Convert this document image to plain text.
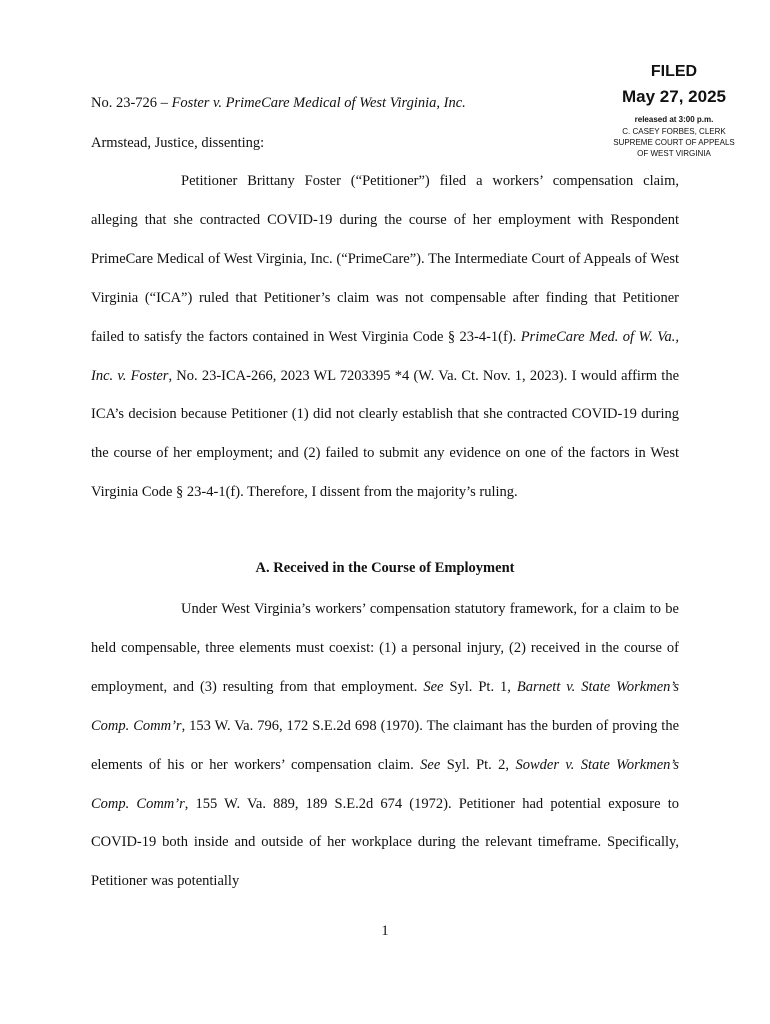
FILED
May 27, 2025
released at 3:00 p.m.
C. CASEY FORBES, CLERK
SUPREME COURT OF APPEALS
OF WEST VIRGINIA
No. 23-726 – Foster v. PrimeCare Medical of West Virginia, Inc.
Armstead, Justice, dissenting:

Petitioner Brittany Foster (“Petitioner”) filed a workers’ compensation claim, alleging that she contracted COVID-19 during the course of her employment with Respondent PrimeCare Medical of West Virginia, Inc. (“PrimeCare”). The Intermediate Court of Appeals of West Virginia (“ICA”) ruled that Petitioner’s claim was not compensable after finding that Petitioner failed to satisfy the factors contained in West Virginia Code § 23-4-1(f). PrimeCare Med. of W. Va., Inc. v. Foster, No. 23-ICA-266, 2023 WL 7203395 *4 (W. Va. Ct. Nov. 1, 2023). I would affirm the ICA’s decision because Petitioner (1) did not clearly establish that she contracted COVID-19 during the course of her employment; and (2) failed to submit any evidence on one of the factors in West Virginia Code § 23-4-1(f). Therefore, I dissent from the majority’s ruling.

A. Received in the Course of Employment

Under West Virginia’s workers’ compensation statutory framework, for a claim to be held compensable, three elements must coexist: (1) a personal injury, (2) received in the course of employment, and (3) resulting from that employment. See Syl. Pt. 1, Barnett v. State Workmen’s Comp. Comm’r, 153 W. Va. 796, 172 S.E.2d 698 (1970). The claimant has the burden of proving the elements of his or her workers’ compensation claim. See Syl. Pt. 2, Sowder v. State Workmen’s Comp. Comm’r, 155 W. Va. 889, 189 S.E.2d 674 (1972). Petitioner had potential exposure to COVID-19 both inside and outside of her workplace during the relevant timeframe. Specifically, Petitioner was potentially

1
